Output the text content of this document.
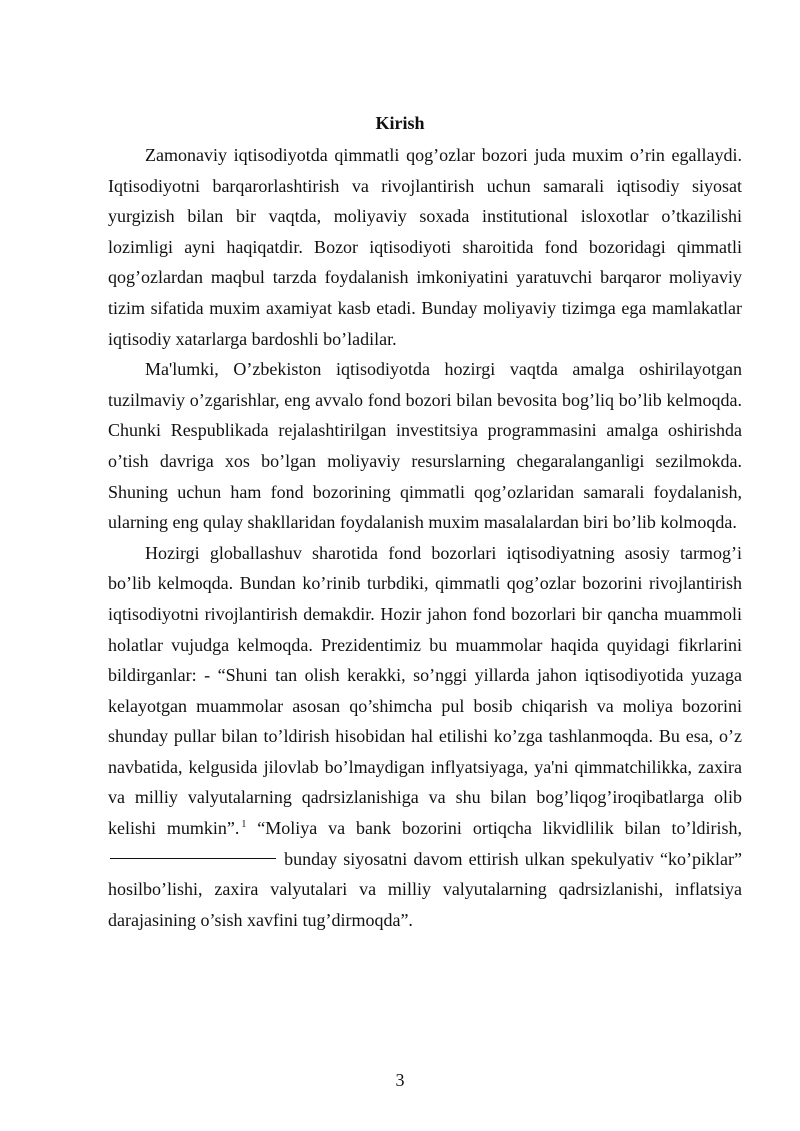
Kirish

Zamonaviy iqtisodiyotda qimmatli qog’ozlar bozori juda muxim o’rin egallaydi. Iqtisodiyotni barqarorlashtirish va rivojlantirish uchun samarali iqtisodiy siyosat yurgizish bilan bir vaqtda, moliyaviy soxada institutional isloxotlar o’tkazilishi lozimligi ayni haqiqatdir. Bozor iqtisodiyoti sharoitida fond bozoridagi qimmatli qog’ozlardan maqbul tarzda foydalanish imkoniyatini yaratuvchi barqaror moliyaviy tizim sifatida muxim axamiyat kasb etadi. Bunday moliyaviy tizimga ega mamlakatlar iqtisodiy xatarlarga bardoshli bo’ladilar.

Ma'lumki, O’zbekiston iqtisodiyotda hozirgi vaqtda amalga oshirilayotgan tuzilmaviy o’zgarishlar, eng avvalo fond bozori bilan bevosita bog’liq bo’lib kelmoqda. Chunki Respublikada rejalashtirilgan investitsiya programmasini amalga oshirishda o’tish davriga xos bo’lgan moliyaviy resurslarning chegaralanganligi sezilmokda. Shuning uchun ham fond bozorining qimmatli qog’ozlaridan samarali foydalanish, ularning eng qulay shakllaridan foydalanish muxim masalalardan biri bo’lib kolmoqda.

Hozirgi globallashuv sharotida fond bozorlari iqtisodiyatning asosiy tarmog’i bo’lib kelmoqda. Bundan ko’rinib turbdiki, qimmatli qog’ozlar bozorini rivojlantirish iqtisodiyotni rivojlantirish demakdir. Hozir jahon fond bozorlari bir qancha muammoli holatlar vujudga kelmoqda. Prezidentimiz bu muammolar haqida quyidagi fikrlarini bildirganlar: - “Shuni tan olish kerakki, so’nggi yillarda jahon iqtisodiyotida yuzaga kelayotgan muammolar asosan qo’shimcha pul bosib chiqarish va moliya bozorini shunday pullar bilan to’ldirish hisobidan hal etilishi ko’zga tashlanmoqda. Bu esa, o’z navbatida, kelgusida jilovlab bo’lmaydigan inflyatsiyaga, ya'ni qimmatchilikka, zaxira va milliy valyutalarning qadrsizlanishiga va shu bilan bog’liqog’iroqibatlarga olib kelishi mumkin”. $^1$ “Moliya va bank bozorini ortiqcha likvidlilik bilan to’ldirish, bunday siyosatni davom ettirish ulkan spekulyativ “ko’piklar” hosilbo’lishi, zaxira valyutalari va milliy valyutalarning qadrsizlanishi, inflatsiya darajasining o’sish xavfini tug’dirmoqda”.

3
